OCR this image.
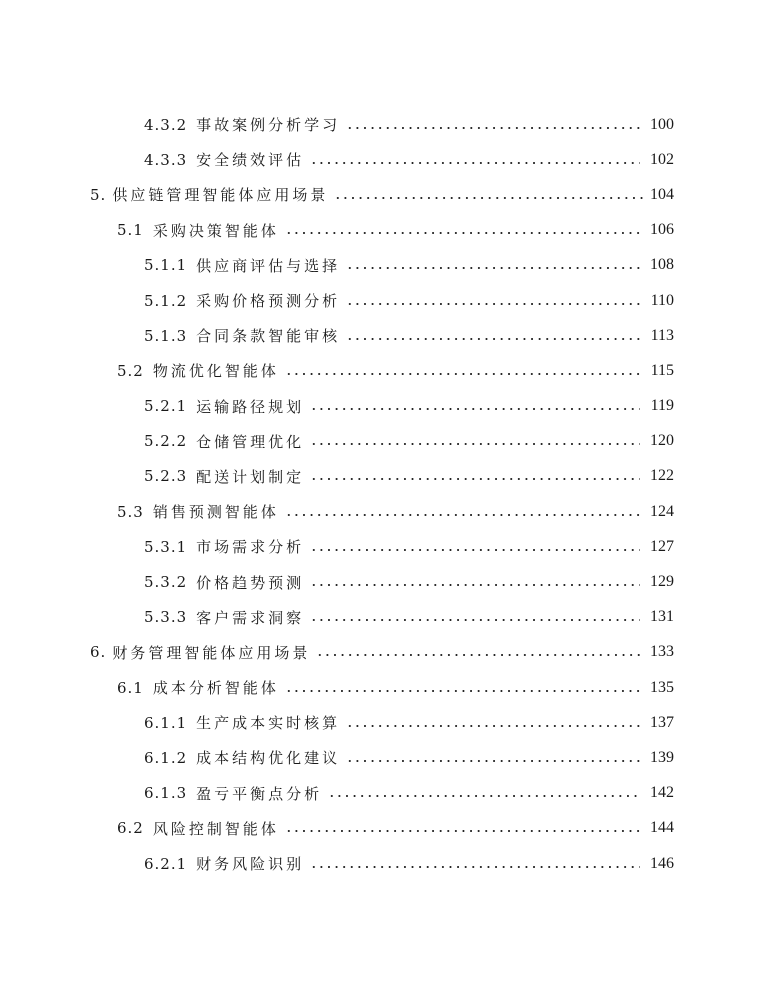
4.3.2 事故案例分析学习	100
4.3.3 安全绩效评估	102
5. 供应链管理智能体应用场景	104
5.1 采购决策智能体	106
5.1.1 供应商评估与选择	108
5.1.2 采购价格预测分析	110
5.1.3 合同条款智能审核	113
5.2 物流优化智能体	115
5.2.1 运输路径规划	119
5.2.2 仓储管理优化	120
5.2.3 配送计划制定	122
5.3 销售预测智能体	124
5.3.1 市场需求分析	127
5.3.2 价格趋势预测	129
5.3.3 客户需求洞察	131
6. 财务管理智能体应用场景	133
6.1 成本分析智能体	135
6.1.1 生产成本实时核算	137
6.1.2 成本结构优化建议	139
6.1.3 盈亏平衡点分析	142
6.2 风险控制智能体	144
6.2.1 财务风险识别	146
